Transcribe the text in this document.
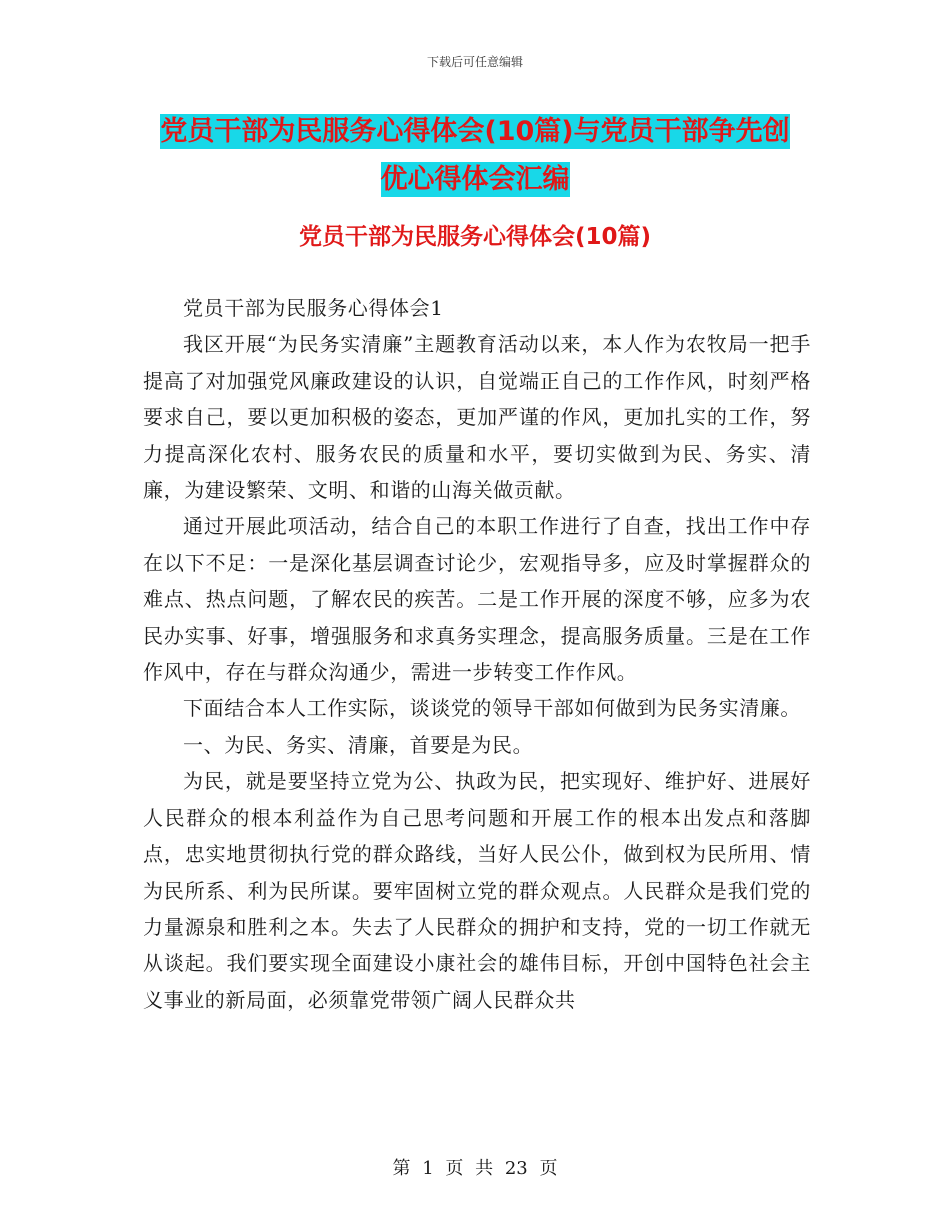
下载后可任意编辑
党员干部为民服务心得体会(10篇)与党员干部争先创
优心得体会汇编
党员干部为民服务心得体会(10篇)

党员干部为民服务心得体会1

我区开展“为民务实清廉”主题教育活动以来，本人作为农牧局一把手提高了对加强党风廉政建设的认识，自觉端正自己的工作作风，时刻严格要求自己，要以更加积极的姿态，更加严谨的作风，更加扎实的工作，努力提高深化农村、服务农民的质量和水平，要切实做到为民、务实、清廉，为建设繁荣、文明、和谐的山海关做贡献。

通过开展此项活动，结合自己的本职工作进行了自查，找出工作中存在以下不足：一是深化基层调查讨论少，宏观指导多，应及时掌握群众的难点、热点问题，了解农民的疾苦。二是工作开展的深度不够，应多为农民办实事、好事，增强服务和求真务实理念，提高服务质量。三是在工作作风中，存在与群众沟通少，需进一步转变工作作风。

下面结合本人工作实际，谈谈党的领导干部如何做到为民务实清廉。

一、为民、务实、清廉，首要是为民。

为民，就是要坚持立党为公、执政为民，把实现好、维护好、进展好人民群众的根本利益作为自己思考问题和开展工作的根本出发点和落脚点，忠实地贯彻执行党的群众路线，当好人民公仆，做到权为民所用、情为民所系、利为民所谋。要牢固树立党的群众观点。人民群众是我们党的力量源泉和胜利之本。失去了人民群众的拥护和支持，党的一切工作就无从谈起。我们要实现全面建设小康社会的雄伟目标，开创中国特色社会主义事业的新局面，必须靠党带领广阔人民群众共

第 1 页 共 23 页
